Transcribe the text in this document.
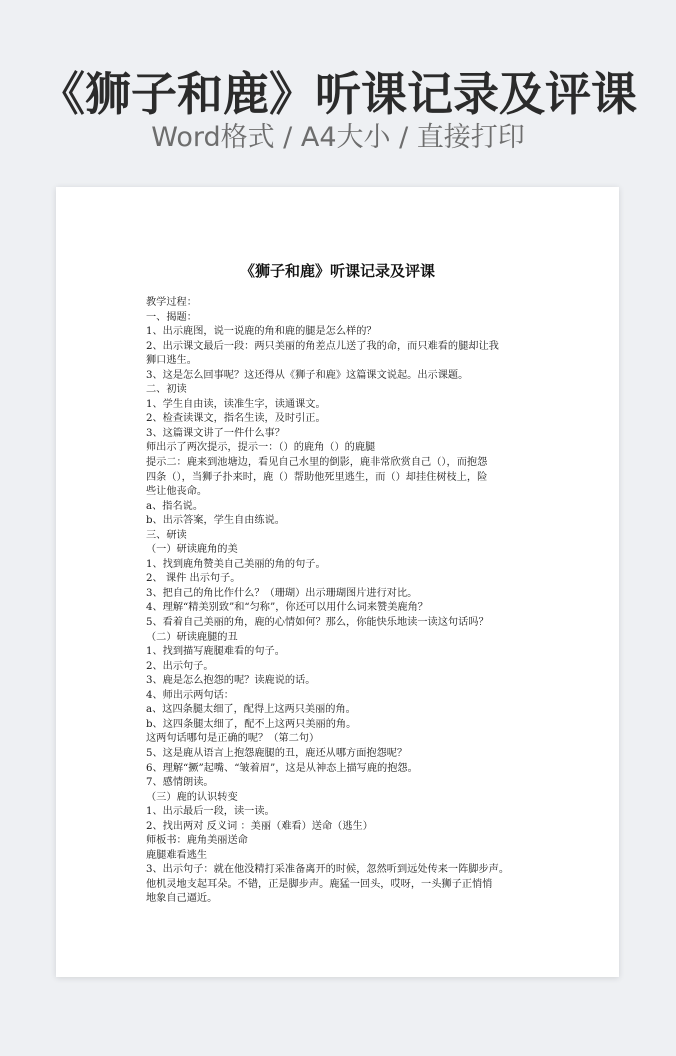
《狮子和鹿》听课记录及评课
Word格式 / A4大小 / 直接打印
《狮子和鹿》听课记录及评课
教学过程：
一、揭题：
1、出示鹿图，说一说鹿的角和鹿的腿是怎么样的？
2、出示课文最后一段：两只美丽的角差点儿送了我的命，而只难看的腿却让我
狮口逃生。
3、这是怎么回事呢？这还得从《狮子和鹿》这篇课文说起。出示课题。
二、初读
1、学生自由读，读准生字，读通课文。
2、检查读课文，指名生读，及时引正。
3、这篇课文讲了一件什么事？
师出示了两次提示，提示一：（）的鹿角（）的鹿腿
提示二：鹿来到池塘边，看见自己水里的倒影，鹿非常欣赏自己（），而抱怨
四条（），当狮子扑来时，鹿（）帮助他死里逃生，而（）却挂住树枝上，险
些让他丧命。
a、指名说。
b、出示答案，学生自由练说。
三、研读
（一）研读鹿角的美
1、找到鹿角赞美自己美丽的角的句子。
2、 课件 出示句子。
3、把自己的角比作什么？（珊瑚）出示珊瑚图片进行对比。
4、理解“精美别致”和“匀称”，你还可以用什么词来赞美鹿角？
5、看着自己美丽的角，鹿的心情如何？那么，你能快乐地读一读这句话吗？
（二）研读鹿腿的丑
1、找到描写鹿腿难看的句子。
2、出示句子。
3、鹿是怎么抱怨的呢？读鹿说的话。
4、师出示两句话：
a、这四条腿太细了，配得上这两只美丽的角。
b、这四条腿太细了，配不上这两只美丽的角。
这两句话哪句是正确的呢？（第二句）
5、这是鹿从语言上抱怨鹿腿的丑，鹿还从哪方面抱怨呢？
6、理解“撅”起嘴、“皱着眉”，这是从神态上描写鹿的抱怨。
7、感情朗读。
（三）鹿的认识转变
1、出示最后一段，读一读。
2、找出两对 反义词 ：美丽（难看）送命（逃生）
师板书：鹿角美丽送命
鹿腿难看逃生
3、出示句子：就在他没精打采准备离开的时候，忽然听到远处传来一阵脚步声。
他机灵地支起耳朵。不错，正是脚步声。鹿猛一回头，哎呀，一头狮子正悄悄
地象自己逼近。
